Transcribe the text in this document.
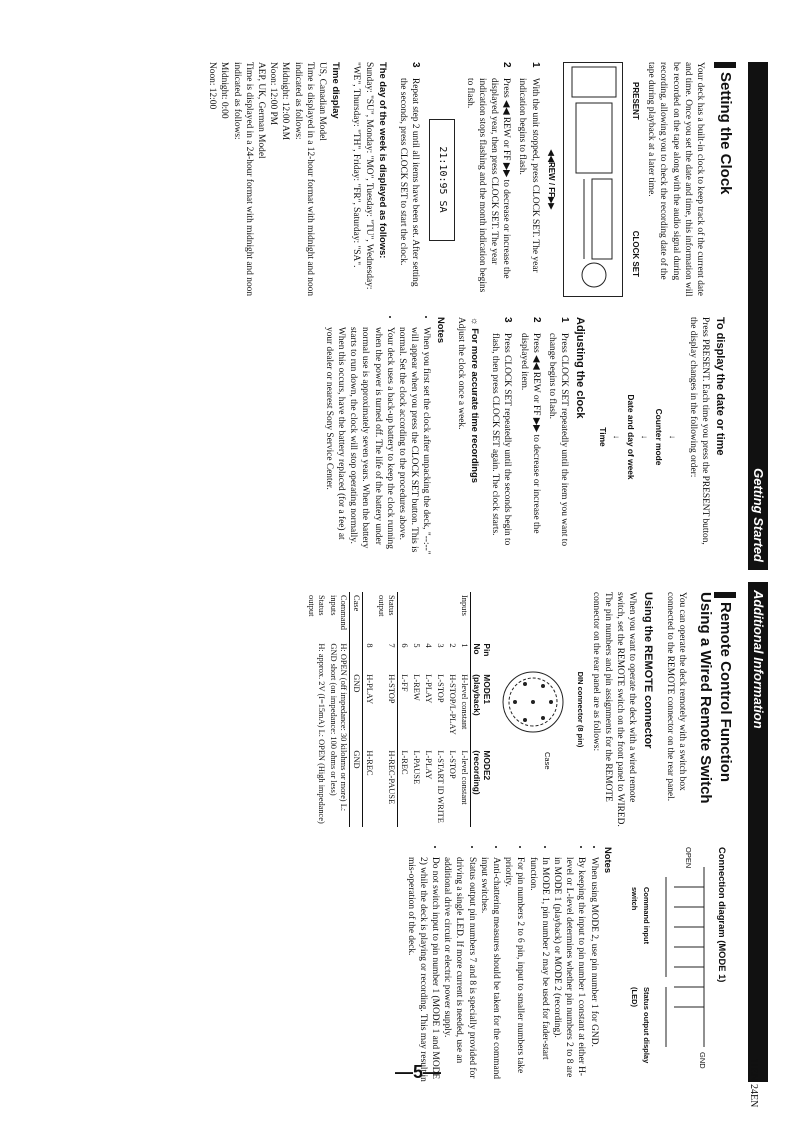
Getting Started
Additional Information
Setting the Clock

Your deck has a built-in clock to keep track of the current date and time. Once you set the date and time, this information will be recorded on the tape along with the audio signal during recording, allowing you to check the recording date of the tape during playback at a later time.

PRESENT
CLOCK SET
◀◀REW / FF▶▶
1
With the unit stopped, press CLOCK SET. The year indication begins to flash.
2
Press ◀◀ REW or FF ▶▶ to decrease or increase the displayed year, then press CLOCK SET. The year indication stops flashing and the month indication begins to flash.
21:10:95 SA
3
Repeat step 2 until all items have been set. After setting the seconds, press CLOCK SET to start the clock.
The day of the week is displayed as follows:

Sunday: "SU", Monday: "MO", Tuesday: "TU", Wednesday: "WE", Thursday: "TH", Friday: "FR", Saturday: "SA".

Time display
US, Canadian Model
Time is displayed in a 12-hour format with midnight and noon indicated as follows:
Midnight: 12:00 AM
Noon: 12:00 PM
AEP, UK, German Model
Time is displayed in a 24-hour format with midnight and noon indicated as follows:
Midnight: 0:00
Noon: 12:00
To display the date or time

Press PRESENT. Each time you press the PRESENT button, the display changes in the following order:

↓
Counter mode
↓
Date and day of week
↓
Time
Adjusting the clock
1
Press CLOCK SET repeatedly until the item you want to change begins to flash.
2
Press ◀◀ REW or FF ▶▶ to decrease or increase the displayed item.
3
Press CLOCK SET repeatedly until the seconds begin to flash, then press CLOCK SET again. The clock starts.
☼ For more accurate time recordings

Adjust the clock once a week.

Notes
• When you first set the clock after unpacking the deck, "--:--" will appear when you press the CLOCK SET button. This is normal. Set the clock according to the procedures above.
• Your deck uses a back-up battery to keep the clock running when the power is turned off. The life of the battery under normal use is approximately seven years. When the battery starts to run down, the clock will stop operating normally. When this occurs, have the battery replaced (for a fee) at your dealer or nearest Sony Service Center.
Remote Control Function Using a Wired Remote Switch

You can operate the deck remotely with a switch box connected to the REMOTE connector on the rear panel.

Using the REMOTE connector

When you want to operate the deck with a wired remote switch, set the REMOTE switch on the front panel to WIRED. The pin numbers and pin assignments for the REMOTE connector on the rear panel are as follows:

DIN connector (8 pin)
Case
	Pin No	MODE1 (playback)	MODE2 (recording)
Inputs	1	H-level constant	L-level constant
	2	H-STOP/L-PLAY	L-STOP
	3	L-STOP	L-START ID WRITE
	4	L-PLAY	L-PLAY
	5	L-REW	L-PAUSE
	6	L-FF	L-REC
Status output	7	H-STOP	H-REC-PAUSE
	8	H-PLAY	H-REC
Case		GND	GND
Command inputs	H: OPEN (off impedance: 30 kilohms or more) L: GND short (on impedance: 100 ohms or less)		
Status output	H: approx. 2V (I=15mA) L: OPEN (High impedance)		
Connection diagram (MODE 1)
OPEN
GND
Command input switch
Status output display (LED)
Notes
• When using MODE 2, use pin number 1 for GND.
• By keeping the input to pin number 1 constant at either H-level or L-level determines whether pin numbers 2 to 8 are in MODE 1 (playback) or MODE 2 (recording).
• In MODE 1, pin number 2 may be used for fader-start function.
• For pin numbers 2 to 6 pin, input to smaller numbers take priority.
• Anti-chattering measures should be taken for the command input switches.
• Status output pin numbers 7 and 8 is specially provided for driving a single LED. If more current is needed, use an additional drive circuit or electric power supply.
• Do not switch input to pin number 1 (MODE 1 and MODE 2) while the deck is playing or recording. This may result in mis-operation of the deck.
—5—	11EN
24EN
